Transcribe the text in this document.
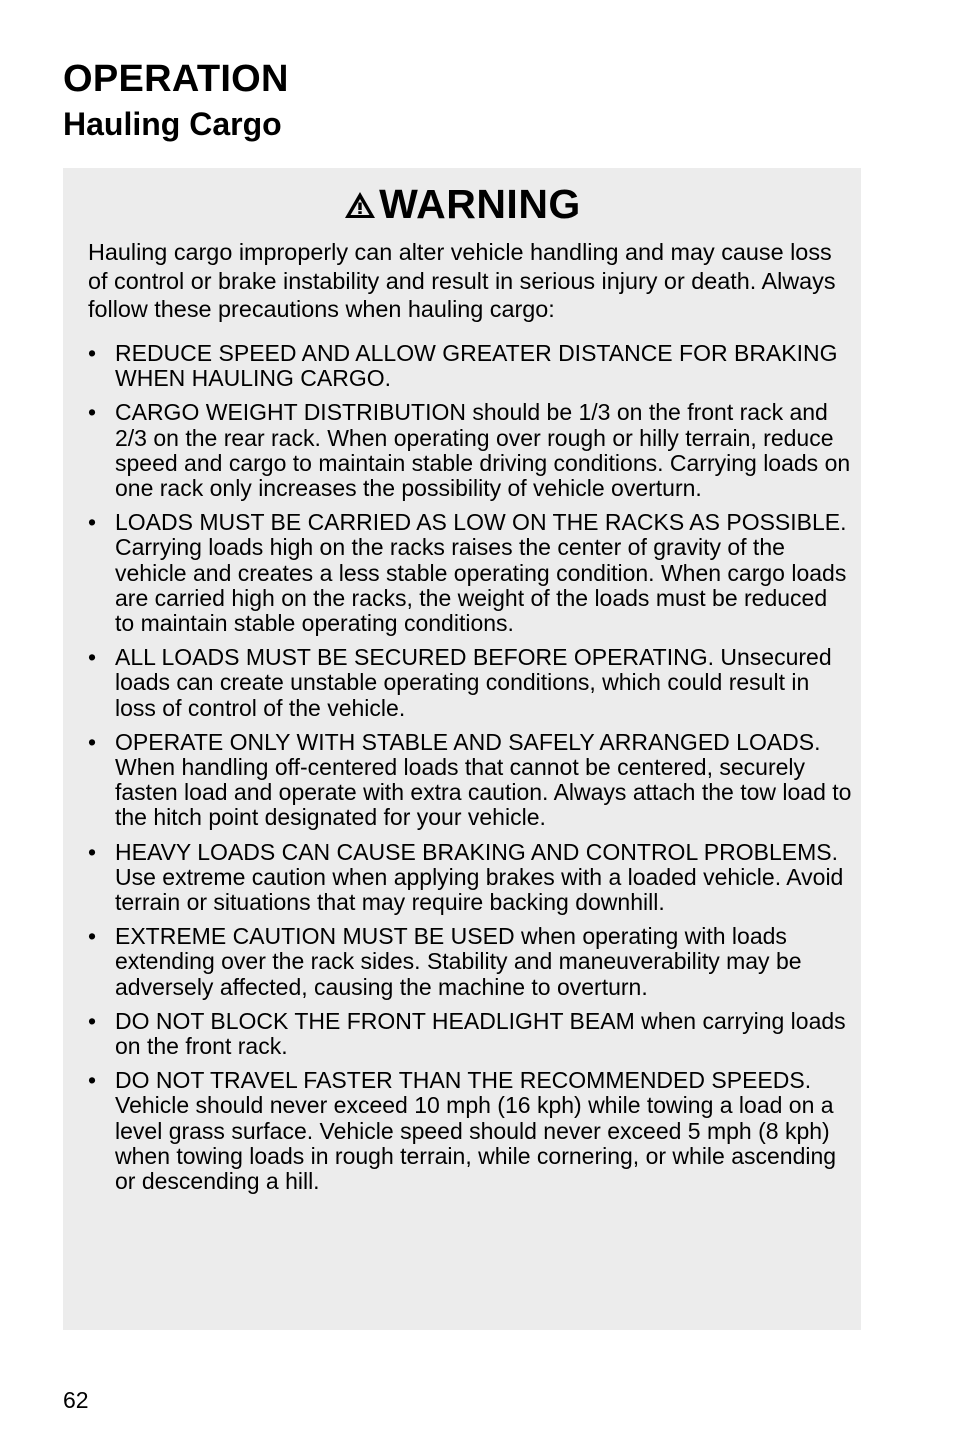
OPERATION
Hauling Cargo
WARNING

Hauling cargo improperly can alter vehicle handling and may cause loss of control or brake instability and result in serious injury or death. Always follow these precautions when hauling cargo:

• REDUCE SPEED AND ALLOW GREATER DISTANCE FOR BRAKING WHEN HAULING CARGO.
• CARGO WEIGHT DISTRIBUTION should be 1/3 on the front rack and 2/3 on the rear rack. When operating over rough or hilly terrain, reduce speed and cargo to maintain stable driving conditions. Carrying loads on one rack only increases the possibility of vehicle overturn.
• LOADS MUST BE CARRIED AS LOW ON THE RACKS AS POSSIBLE. Carrying loads high on the racks raises the center of gravity of the vehicle and creates a less stable operating condition. When cargo loads are carried high on the racks, the weight of the loads must be reduced to maintain stable operating conditions.
• ALL LOADS MUST BE SECURED BEFORE OPERATING. Unsecured loads can create unstable operating conditions, which could result in loss of control of the vehicle.
• OPERATE ONLY WITH STABLE AND SAFELY ARRANGED LOADS. When handling off-centered loads that cannot be centered, securely fasten load and operate with extra caution. Always attach the tow load to the hitch point designated for your vehicle.
• HEAVY LOADS CAN CAUSE BRAKING AND CONTROL PROBLEMS. Use extreme caution when applying brakes with a loaded vehicle. Avoid terrain or situations that may require backing downhill.
• EXTREME CAUTION MUST BE USED when operating with loads extending over the rack sides. Stability and maneuverability may be adversely affected, causing the machine to overturn.
• DO NOT BLOCK THE FRONT HEADLIGHT BEAM when carrying loads on the front rack.
• DO NOT TRAVEL FASTER THAN THE RECOMMENDED SPEEDS. Vehicle should never exceed 10 mph (16 kph) while towing a load on a level grass surface. Vehicle speed should never exceed 5 mph (8 kph) when towing loads in rough terrain, while cornering, or while ascending or descending a hill.
62
